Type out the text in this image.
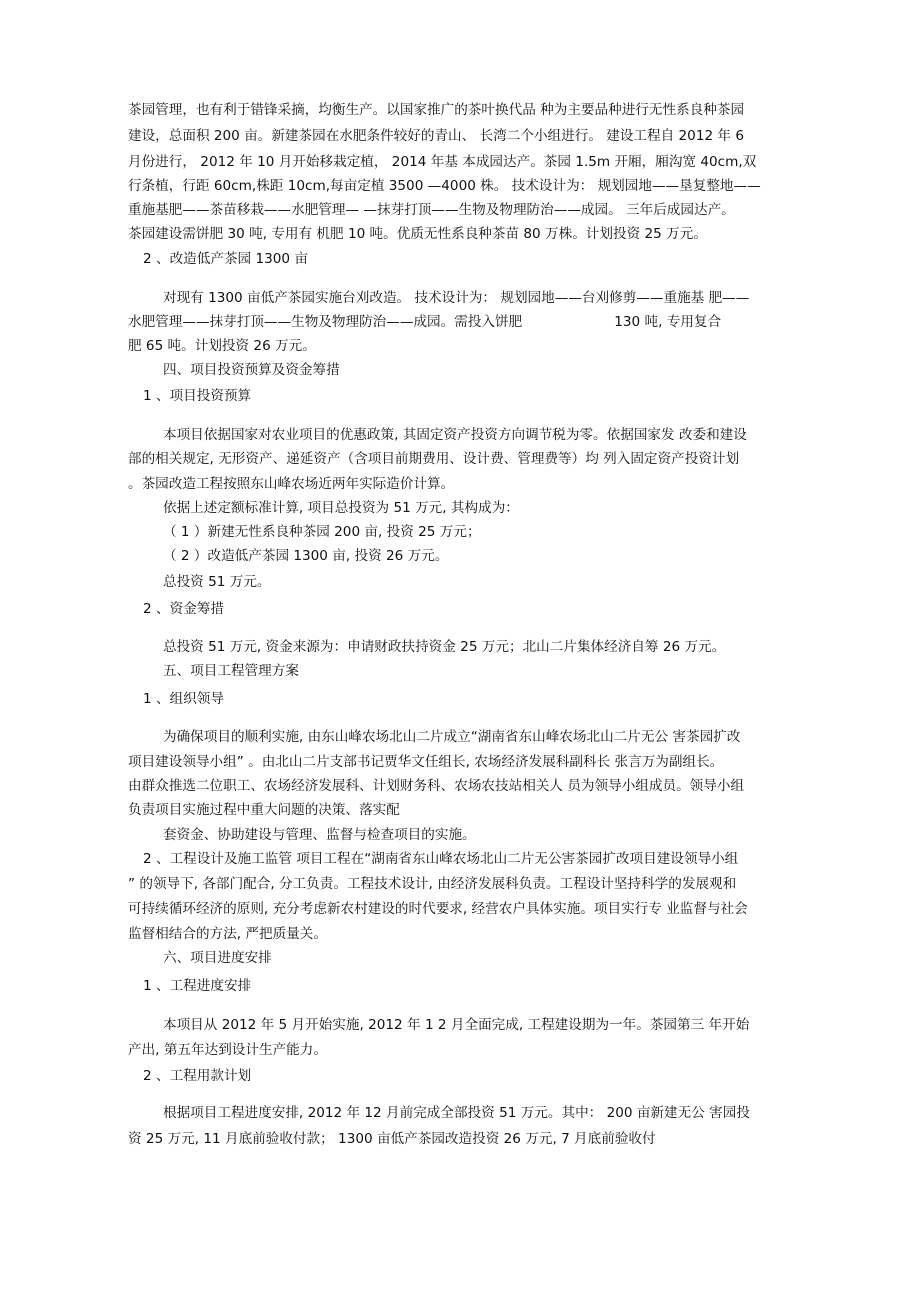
茶园管理，也有利于错锋采摘，均衡生产。以国家推广的茶叶换代品 种为主要品种进行无性系良种茶园
建设，总面积 200 亩。新建茶园在水肥条件较好的青山、 长湾二个小组进行。 建设工程自 2012 年 6
月份进行， 2012 年 10 月开始移栽定植， 2014 年基 本成园达产。茶园 1.5m 开厢，厢沟宽 40cm,双
行条植，行距 60cm,株距 10cm,每亩定植 3500 —4000 株。 技术设计为： 规划园地——垦复整地——
重施基肥——茶苗移栽——水肥管理— —抹芽打顶——生物及物理防治——成园。 三年后成园达产。
茶园建设需饼肥 30 吨, 专用有 机肥 10 吨。优质无性系良种茶苗 80 万株。计划投资 25 万元。
2 、改造低产茶园 1300 亩
对现有 1300 亩低产茶园实施台刈改造。 技术设计为： 规划园地——台刈修剪——重施基 肥——
水肥管理——抹芽打顶——生物及物理防治——成园。需投入饼肥	130 吨, 专用复合
肥 65 吨。计划投资 26 万元。
四、项目投资预算及资金筹措
1 、项目投资预算
本项目依据国家对农业项目的优惠政策, 其固定资产投资方向调节税为零。依据国家发 改委和建设
部的相关规定, 无形资产、递延资产（含项目前期费用、设计费、管理费等）均 列入固定资产投资计划
。茶园改造工程按照东山峰农场近两年实际造价计算。
依据上述定额标准计算, 项目总投资为 51 万元, 其构成为：
（ 1 ）新建无性系良种茶园 200 亩, 投资 25 万元；
（ 2 ）改造低产茶园 1300 亩, 投资 26 万元。
总投资 51 万元。
2 、资金筹措
总投资 51 万元, 资金来源为：申请财政扶持资金 25 万元；北山二片集体经济自筹 26 万元。
五、项目工程管理方案
1 、组织领导
为确保项目的顺利实施, 由东山峰农场北山二片成立“湖南省东山峰农场北山二片无公 害茶园扩改
项目建设领导小组” 。由北山二片支部书记贾华文任组长, 农场经济发展科副科长 张言万为副组长。
由群众推选二位职工、农场经济发展科、计划财务科、农场农技站相关人 员为领导小组成员。领导小组
负责项目实施过程中重大问题的决策、落实配
套资金、协助建设与管理、监督与检查项目的实施。
2 、工程设计及施工监管 项目工程在“湖南省东山峰农场北山二片无公害茶园扩改项目建设领导小组
” 的领导下, 各部门配合, 分工负责。工程技术设计, 由经济发展科负责。工程设计坚持科学的发展观和
可持续循环经济的原则, 充分考虑新农村建设的时代要求, 经营农户具体实施。项目实行专 业监督与社会
监督相结合的方法, 严把质量关。
六、项目进度安排
1 、工程进度安排
本项目从 2012 年 5 月开始实施, 2012 年 1 2 月全面完成, 工程建设期为一年。茶园第三 年开始
产出, 第五年达到设计生产能力。
2 、工程用款计划
根据项目工程进度安排, 2012 年 12 月前完成全部投资 51 万元。其中： 200 亩新建无公 害园投
资 25 万元, 11 月底前验收付款； 1300 亩低产茶园改造投资 26 万元, 7 月底前验收付
